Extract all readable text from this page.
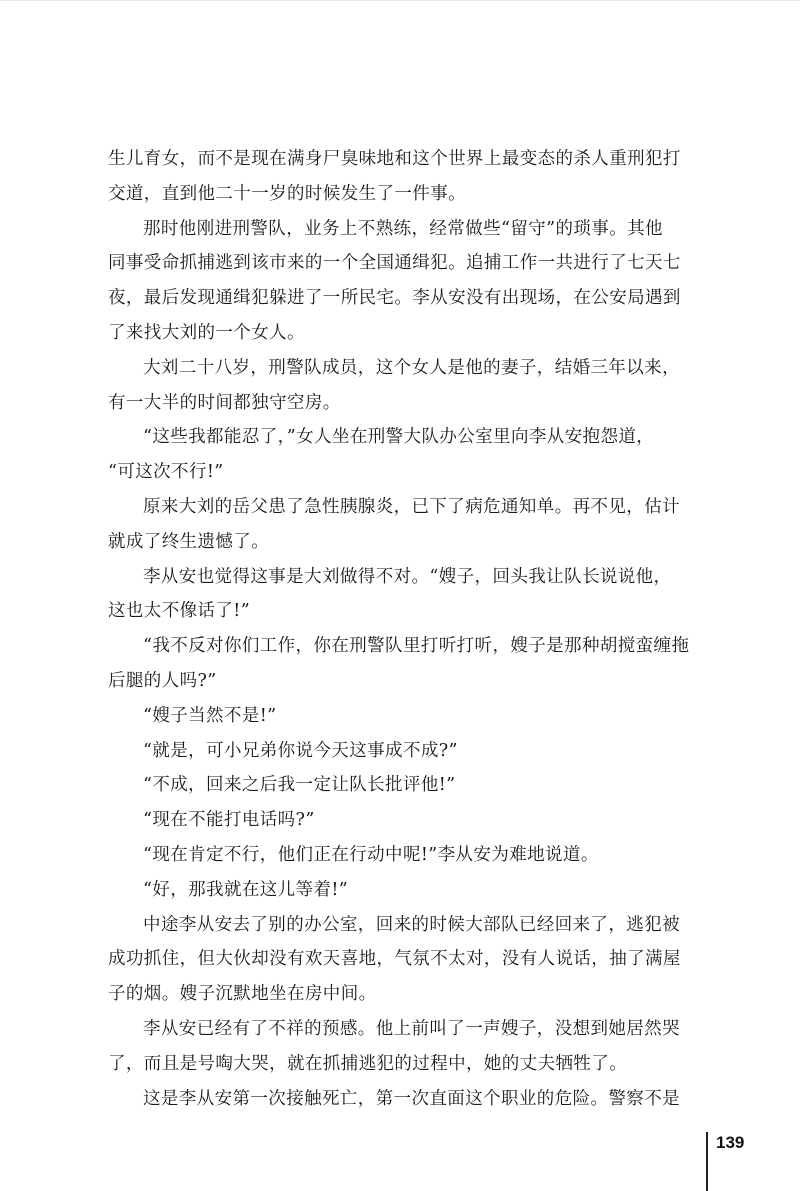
生儿育女，而不是现在满身尸臭味地和这个世界上最变态的杀人重刑犯打
交道，直到他二十一岁的时候发生了一件事。

那时他刚进刑警队，业务上不熟练，经常做些“留守”的琐事。其他
同事受命抓捕逃到该市来的一个全国通缉犯。追捕工作一共进行了七天七
夜，最后发现通缉犯躲进了一所民宅。李从安没有出现场，在公安局遇到
了来找大刘的一个女人。

大刘二十八岁，刑警队成员，这个女人是他的妻子，结婚三年以来，
有一大半的时间都独守空房。

“这些我都能忍了，”女人坐在刑警大队办公室里向李从安抱怨道，
“可这次不行!”

原来大刘的岳父患了急性胰腺炎，已下了病危通知单。再不见，估计
就成了终生遗憾了。

李从安也觉得这事是大刘做得不对。“嫂子，回头我让队长说说他，
这也太不像话了!”

“我不反对你们工作，你在刑警队里打听打听，嫂子是那种胡搅蛮缠拖
后腿的人吗?”

“嫂子当然不是!”

“就是，可小兄弟你说今天这事成不成?”

“不成，回来之后我一定让队长批评他!”

“现在不能打电话吗?”

“现在肯定不行，他们正在行动中呢!”李从安为难地说道。

“好，那我就在这儿等着!”

中途李从安去了别的办公室，回来的时候大部队已经回来了，逃犯被
成功抓住，但大伙却没有欢天喜地，气氛不太对，没有人说话，抽了满屋
子的烟。嫂子沉默地坐在房中间。

李从安已经有了不祥的预感。他上前叫了一声嫂子，没想到她居然哭
了，而且是号啕大哭，就在抓捕逃犯的过程中，她的丈夫牺牲了。

这是李从安第一次接触死亡，第一次直面这个职业的危险。警察不是

139
